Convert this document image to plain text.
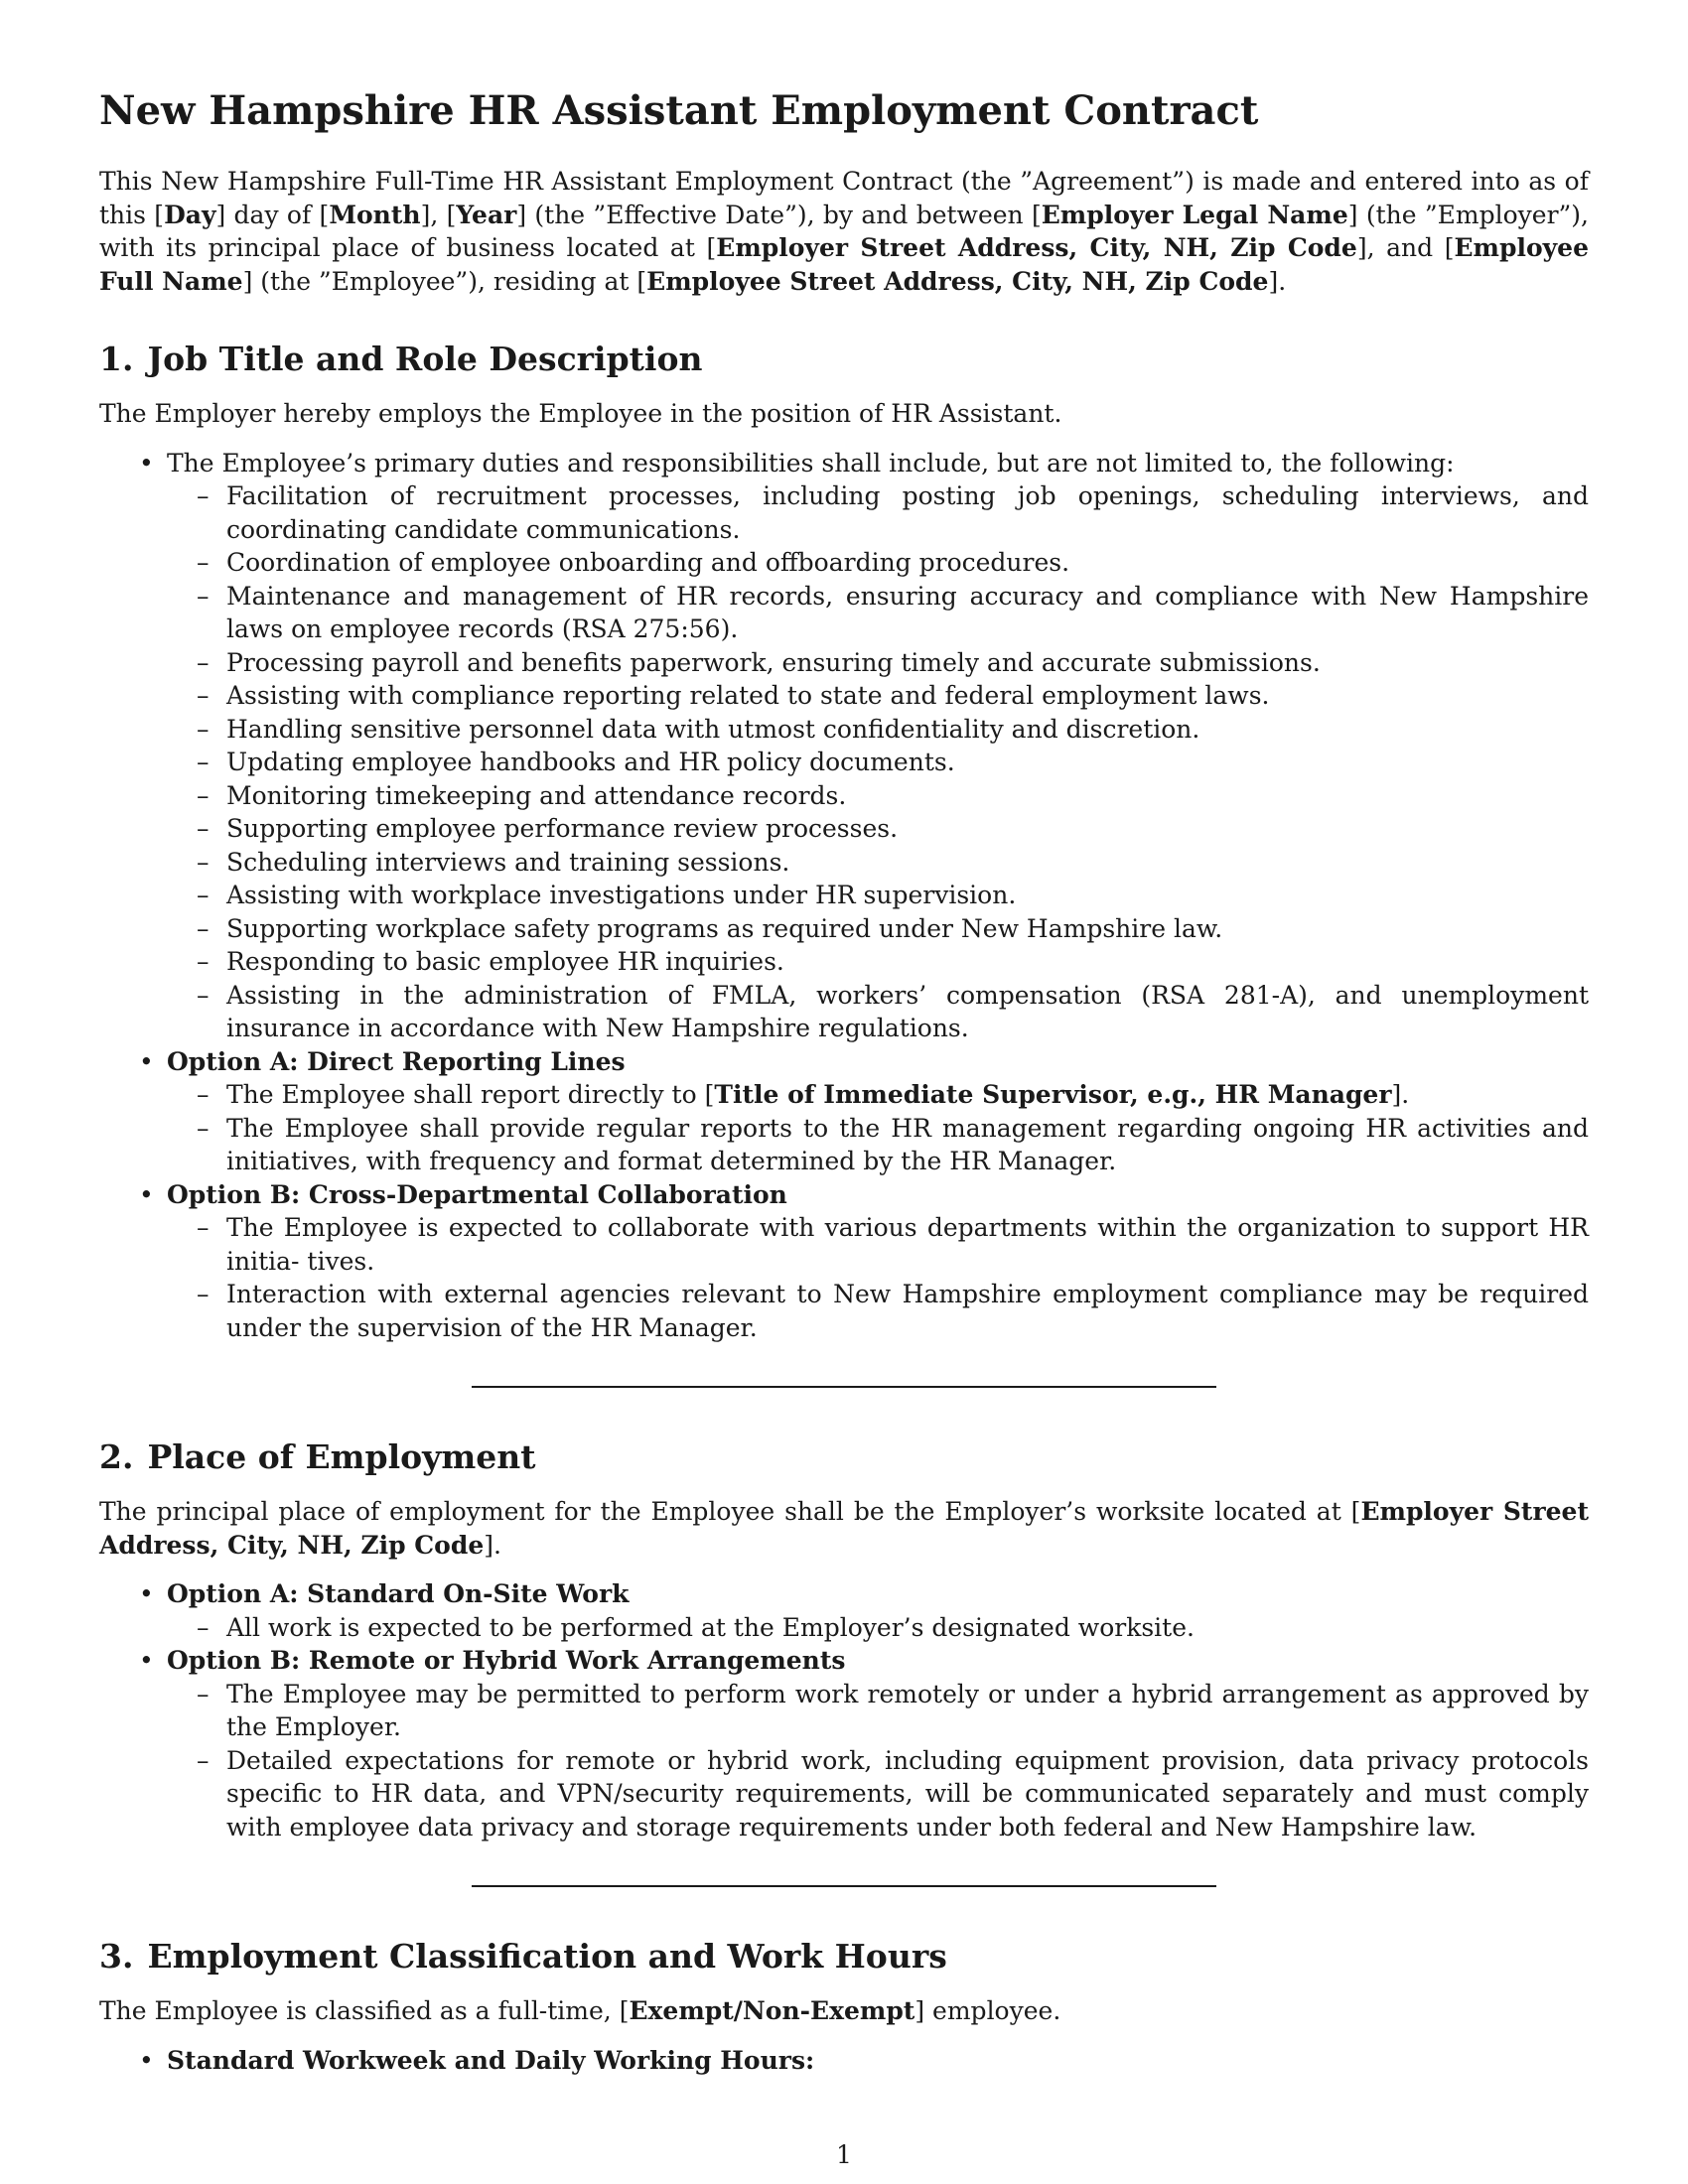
New Hampshire HR Assistant Employment Contract

This New Hampshire Full-Time HR Assistant Employment Contract (the ”Agreement”) is made and entered into as of this [Day] day of [Month], [Year] (the ”Effective Date”), by and between [Employer Legal Name] (the ”Employer”), with its principal place of business located at [Employer Street Address, City, NH, Zip Code], and [Employee Full Name] (the ”Employee”), residing at [Employee Street Address, City, NH, Zip Code].

1. Job Title and Role Description

The Employer hereby employs the Employee in the position of HR Assistant.

• The Employee’s primary duties and responsibilities shall include, but are not limited to, the following:
– Facilitation of recruitment processes, including posting job openings, scheduling interviews, and coordinating candidate communications.
– Coordination of employee onboarding and offboarding procedures.
– Maintenance and management of HR records, ensuring accuracy and compliance with New Hampshire laws on employee records (RSA 275:56).
– Processing payroll and benefits paperwork, ensuring timely and accurate submissions.
– Assisting with compliance reporting related to state and federal employment laws.
– Handling sensitive personnel data with utmost confidentiality and discretion.
– Updating employee handbooks and HR policy documents.
– Monitoring timekeeping and attendance records.
– Supporting employee performance review processes.
– Scheduling interviews and training sessions.
– Assisting with workplace investigations under HR supervision.
– Supporting workplace safety programs as required under New Hampshire law.
– Responding to basic employee HR inquiries.
– Assisting in the administration of FMLA, workers’ compensation (RSA 281-A), and unemployment insurance in accordance with New Hampshire regulations.
• Option A: Direct Reporting Lines
– The Employee shall report directly to [Title of Immediate Supervisor, e.g., HR Manager].
– The Employee shall provide regular reports to the HR management regarding ongoing HR activities and initiatives, with frequency and format determined by the HR Manager.
• Option B: Cross-Departmental Collaboration
– The Employee is expected to collaborate with various departments within the organization to support HR initia- tives.
– Interaction with external agencies relevant to New Hampshire employment compliance may be required under the supervision of the HR Manager.
2. Place of Employment

The principal place of employment for the Employee shall be the Employer’s worksite located at [Employer Street Address, City, NH, Zip Code].

• Option A: Standard On-Site Work
– All work is expected to be performed at the Employer’s designated worksite.
• Option B: Remote or Hybrid Work Arrangements
– The Employee may be permitted to perform work remotely or under a hybrid arrangement as approved by the Employer.
– Detailed expectations for remote or hybrid work, including equipment provision, data privacy protocols specific to HR data, and VPN/security requirements, will be communicated separately and must comply with employee data privacy and storage requirements under both federal and New Hampshire law.
3. Employment Classification and Work Hours

The Employee is classified as a full-time, [Exempt/Non-Exempt] employee.

• Standard Workweek and Daily Working Hours:
1
